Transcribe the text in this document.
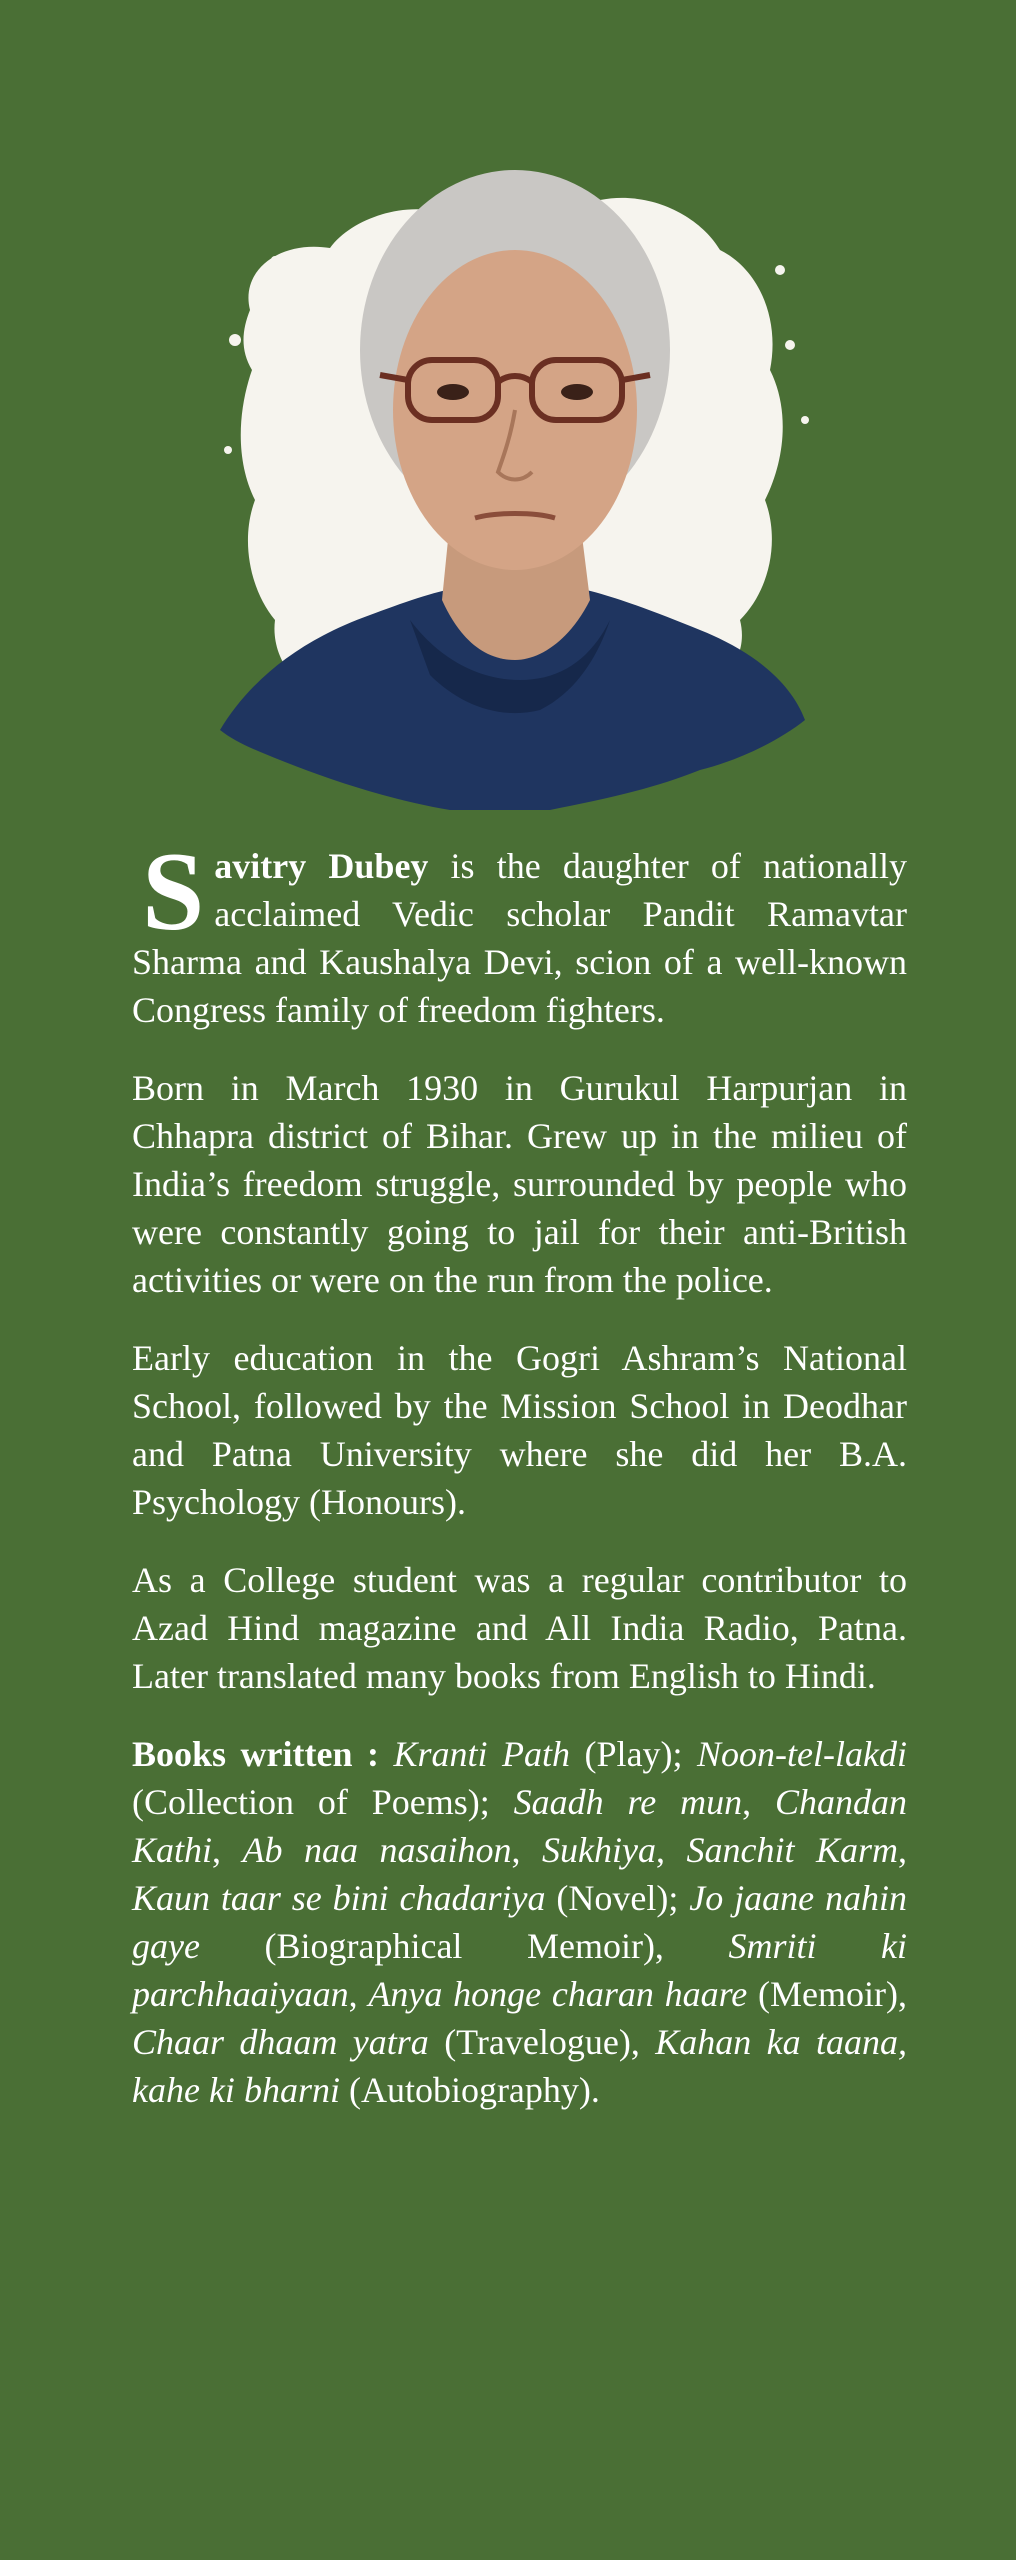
Savitry Dubey is the daughter of nationally acclaimed Vedic scholar Pandit Ramavtar Sharma and Kaushalya Devi, scion of a well-known Congress family of freedom fighters.

Born in March 1930 in Gurukul Harpurjan in Chhapra district of Bihar. Grew up in the milieu of India’s freedom struggle, surrounded by people who were constantly going to jail for their anti-British activities or were on the run from the police.

Early education in the Gogri Ashram’s National School, followed by the Mission School in Deodhar and Patna University where she did her B.A. Psychology (Honours).

As a College student was a regular contributor to Azad Hind magazine and All India Radio, Patna. Later translated many books from English to Hindi.

Books written : Kranti Path (Play); Noon-tel-lakdi (Collection of Poems); Saadh re mun, Chandan Kathi, Ab naa nasaihon, Sukhiya, Sanchit Karm, Kaun taar se bini chadariya (Novel); Jo jaane nahin gaye (Biographical Memoir), Smriti ki parchhaaiyaan, Anya honge charan haare (Memoir), Chaar dhaam yatra (Travelogue), Kahan ka taana, kahe ki bharni (Autobiography).
